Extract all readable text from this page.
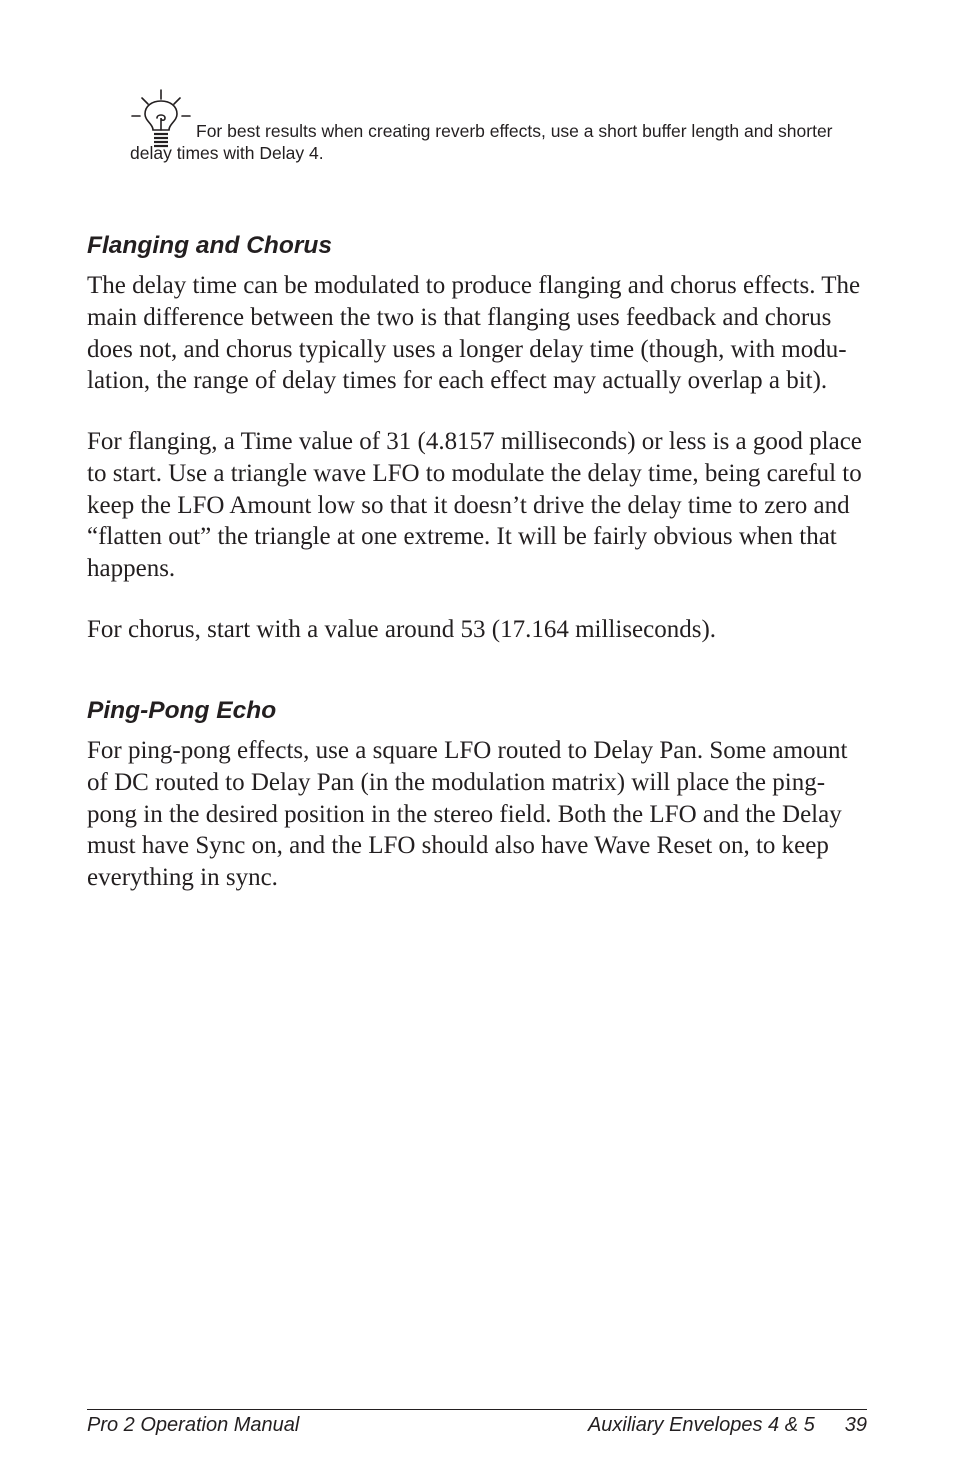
For best results when creating reverb effects, use a short buffer length and shorter delay times with Delay 4.
Flanging and Chorus

The delay time can be modulated to produce flanging and chorus effects. The main difference between the two is that flanging uses feedback and chorus does not, and chorus typically uses a longer delay time (though, with modu-lation, the range of delay times for each effect may actually overlap a bit).

For flanging, a Time value of 31 (4.8157 milliseconds) or less is a good place to start. Use a triangle wave LFO to modulate the delay time, being careful to keep the LFO Amount low so that it doesn’t drive the delay time to zero and “flatten out” the triangle at one extreme. It will be fairly obvious when that happens.

For chorus, start with a value around 53 (17.164 milliseconds).

Ping-Pong Echo

For ping-pong effects, use a square LFO routed to Delay Pan. Some amount of DC routed to Delay Pan (in the modulation matrix) will place the ping-pong in the desired position in the stereo field. Both the LFO and the Delay must have Sync on, and the LFO should also have Wave Reset on, to keep everything in sync.

Pro 2 Operation Manual	Auxiliary Envelopes 4 & 5 39
